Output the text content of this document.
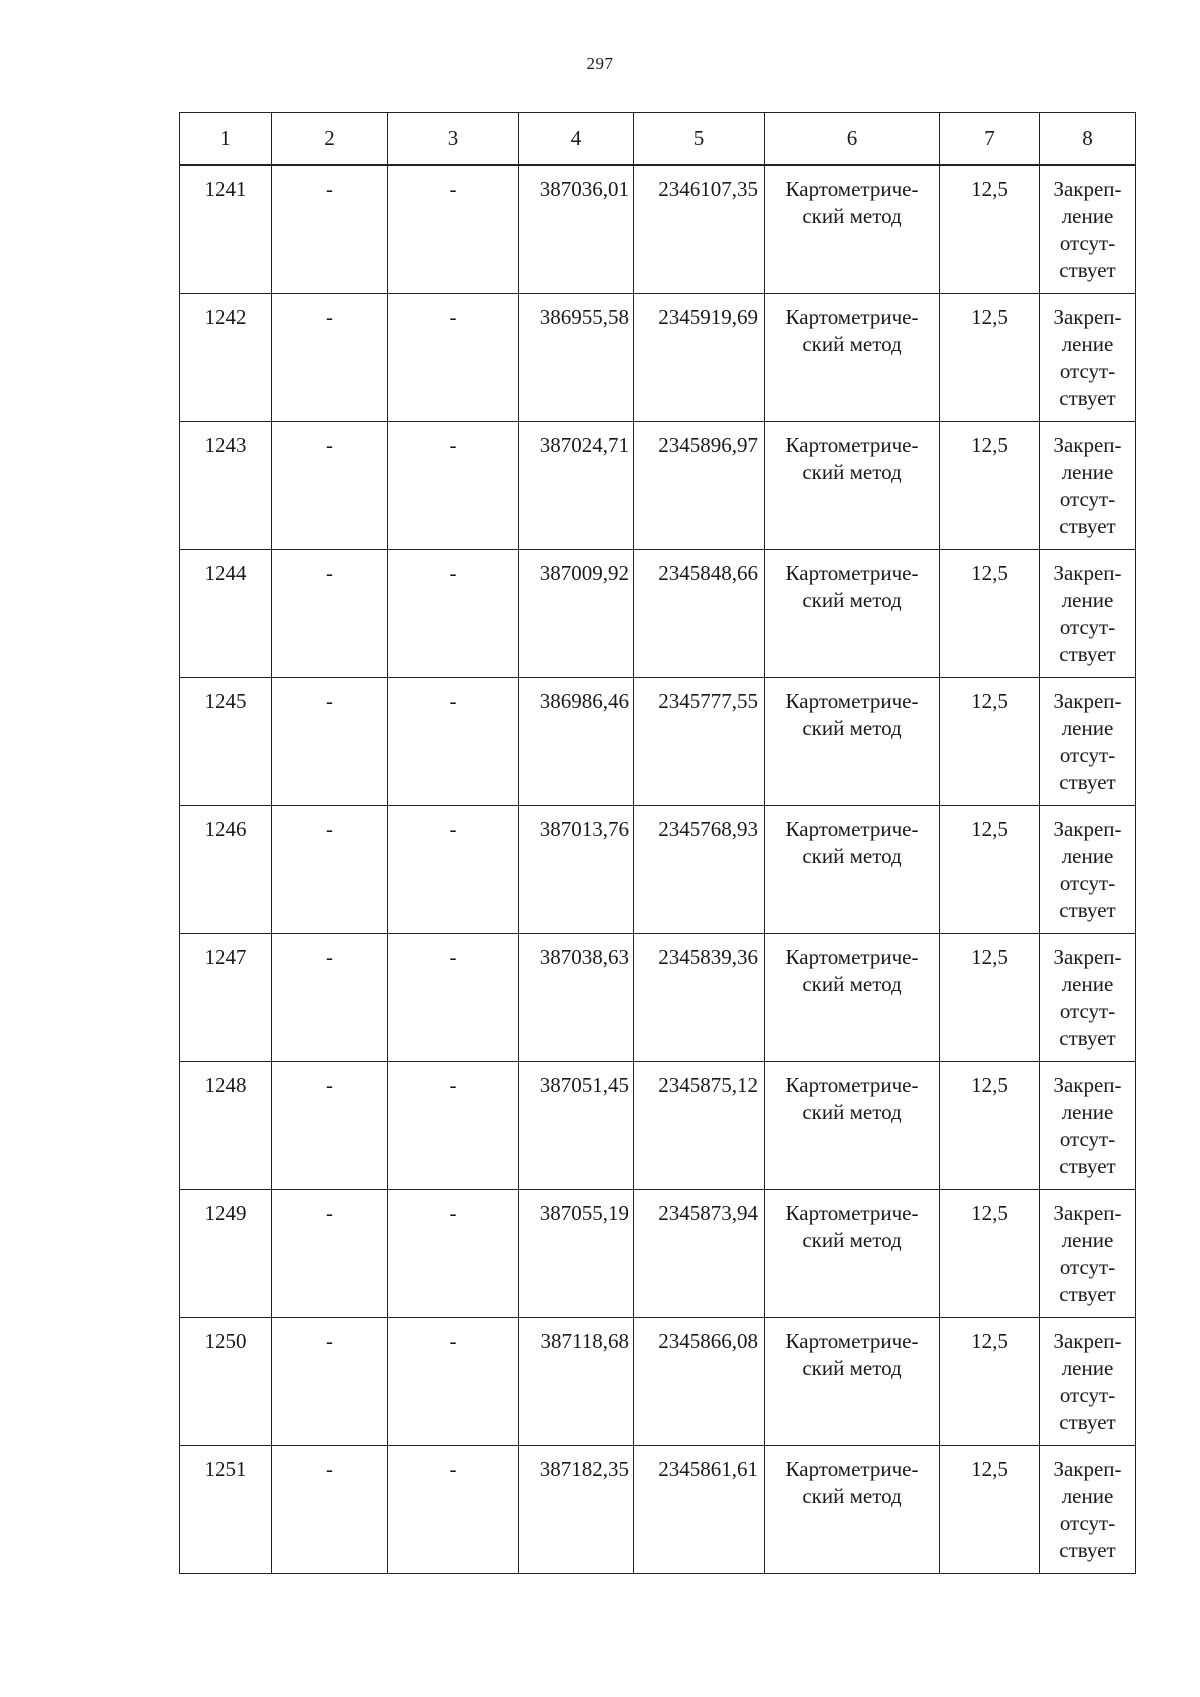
297
1	2	3	4	5	6	7	8
1241	-	-	387036,01	2346107,35	Картометриче-
ский метод	12,5	Закреп-
ление
отсут-
ствует

1242	-	-	386955,58	2345919,69	Картометриче-
ский метод	12,5	Закреп-
ление
отсут-
ствует

1243	-	-	387024,71	2345896,97	Картометриче-
ский метод	12,5	Закреп-
ление
отсут-
ствует

1244	-	-	387009,92	2345848,66	Картометриче-
ский метод	12,5	Закреп-
ление
отсут-
ствует

1245	-	-	386986,46	2345777,55	Картометриче-
ский метод	12,5	Закреп-
ление
отсут-
ствует

1246	-	-	387013,76	2345768,93	Картометриче-
ский метод	12,5	Закреп-
ление
отсут-
ствует

1247	-	-	387038,63	2345839,36	Картометриче-
ский метод	12,5	Закреп-
ление
отсут-
ствует

1248	-	-	387051,45	2345875,12	Картометриче-
ский метод	12,5	Закреп-
ление
отсут-
ствует

1249	-	-	387055,19	2345873,94	Картометриче-
ский метод	12,5	Закреп-
ление
отсут-
ствует

1250	-	-	387118,68	2345866,08	Картометриче-
ский метод	12,5	Закреп-
ление
отсут-
ствует

1251	-	-	387182,35	2345861,61	Картометриче-
ский метод	12,5	Закреп-
ление
отсут-
ствует
